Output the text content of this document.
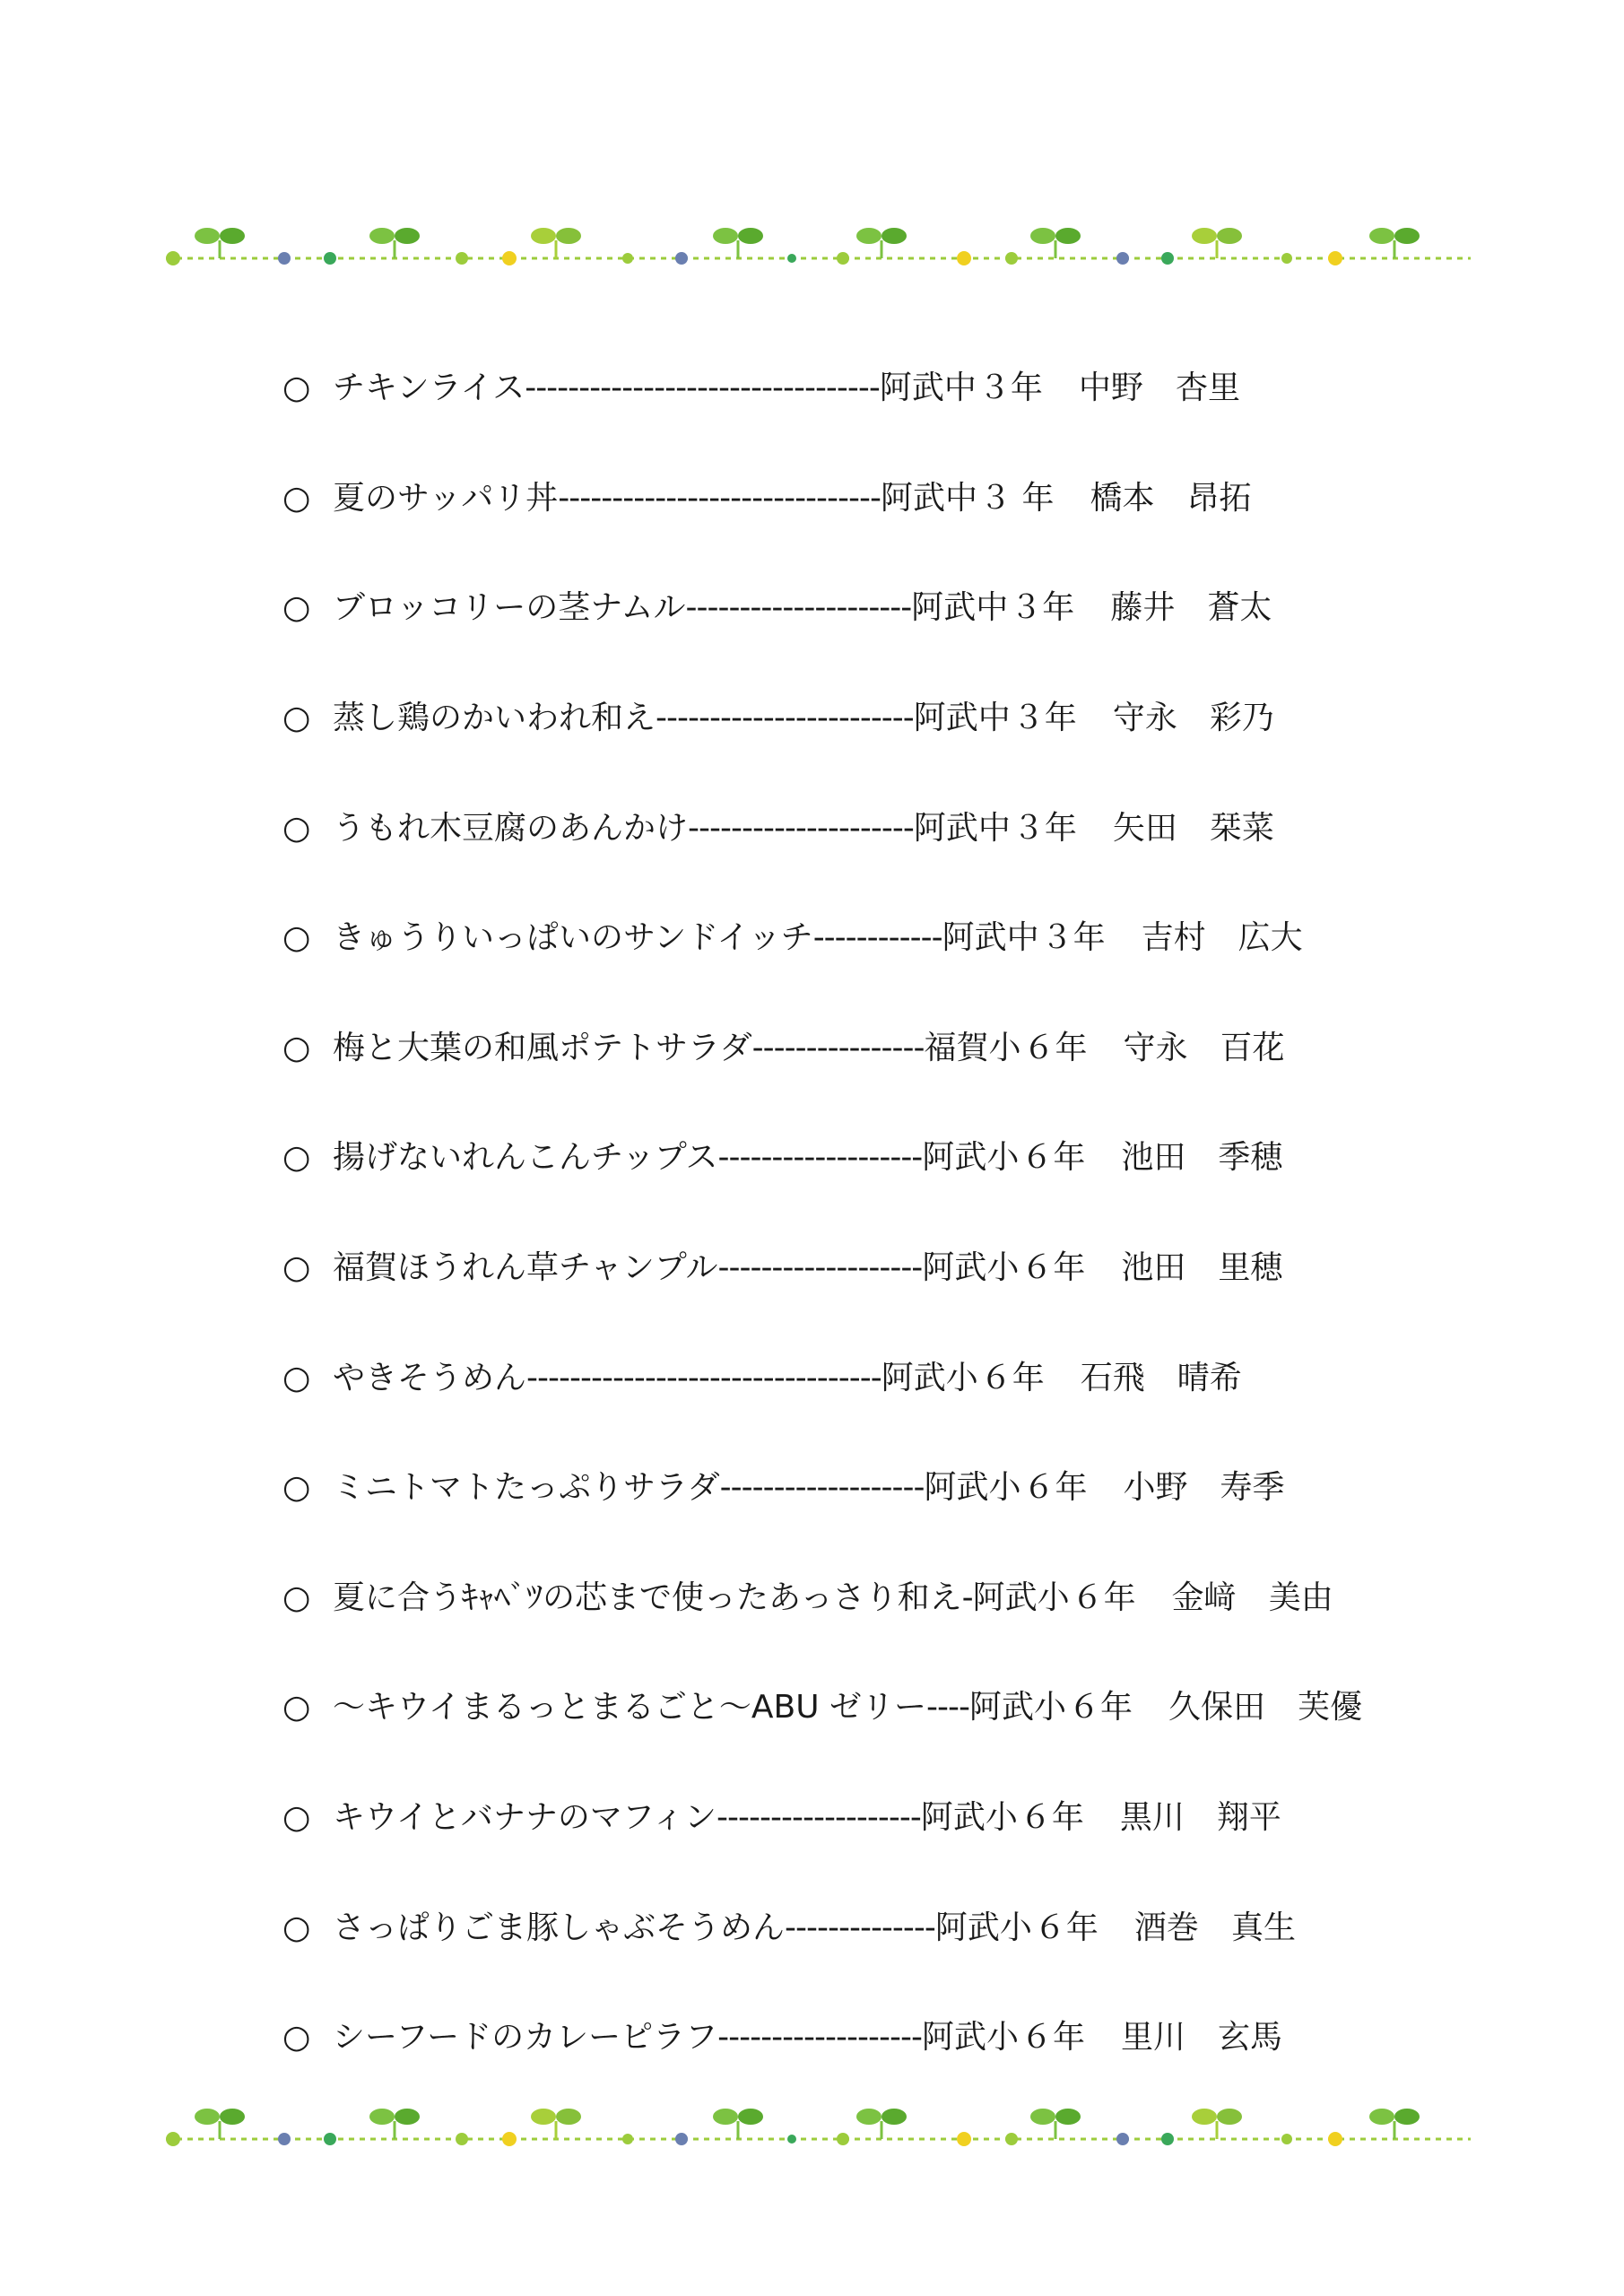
○ チキンライス --------------------------------- 阿武中 ３年 中野 杏里
○ 夏のサッパリ丼 ------------------------------ 阿武中 ３ 年 橋本 昂拓
○ ブロッコリーの茎ナムル --------------------- 阿武中 ３年 藤井 蒼太
○ 蒸し鶏のかいわれ和え ------------------------ 阿武中 ３年 守永 彩乃
○ うもれ木豆腐のあんかけ --------------------- 阿武中 ３年 矢田 栞菜
○ きゅうりいっぱいのサンドイッチ ------------ 阿武中 ３年 吉村 広大
○ 梅と大葉の和風ポテトサラダ ---------------- 福賀小 ６年 守永 百花
○ 揚げないれんこんチップス ------------------- 阿武小 ６年 池田 季穂
○ 福賀ほうれん草チャンプル ------------------- 阿武小 ６年 池田 里穂
○ やきそうめん --------------------------------- 阿武小 ６年 石飛 晴希
○ ミニトマトたっぷりサラダ ------------------- 阿武小 ６年 小野 寿季
○ 夏に合うｷｬﾍﾞﾂの芯まで使ったあっさり和え - 阿武小 ６年 金﨑 美由
○ ～キウイまるっとまるごと～ABU ゼリー ---- 阿武小 ６年 久保田 芙優
○ キウイとバナナのマフィン ------------------- 阿武小 ６年 黒川 翔平
○ さっぱりごま豚しゃぶそうめん -------------- 阿武小 ６年 酒巻 真生
○ シーフードのカレーピラフ ------------------- 阿武小 ６年 里川 玄馬
